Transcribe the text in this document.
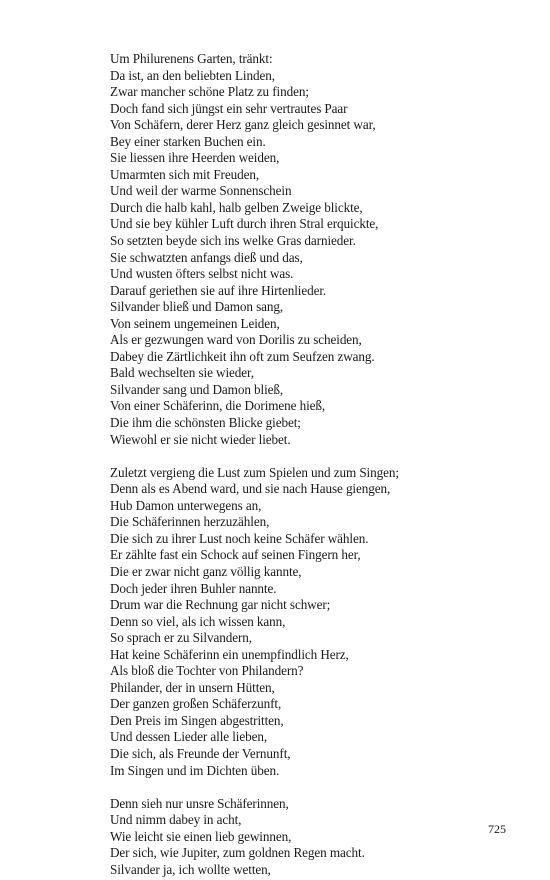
Um Philurenens Garten, tränkt:
Da ist, an den beliebten Linden,
Zwar mancher schöne Platz zu finden;
Doch fand sich jüngst ein sehr vertrautes Paar
Von Schäfern, derer Herz ganz gleich gesinnet war,
Bey einer starken Buchen ein.
Sie liessen ihre Heerden weiden,
Umarmten sich mit Freuden,
Und weil der warme Sonnenschein
Durch die halb kahl, halb gelben Zweige blickte,
Und sie bey kühler Luft durch ihren Stral erquickte,
So setzten beyde sich ins welke Gras darnieder.
Sie schwatzten anfangs dieß und das,
Und wusten öfters selbst nicht was.
Darauf geriethen sie auf ihre Hirtenlieder.
Silvander bließ und Damon sang,
Von seinem ungemeinen Leiden,
Als er gezwungen ward von Dorilis zu scheiden,
Dabey die Zärtlichkeit ihn oft zum Seufzen zwang.
Bald wechselten sie wieder,
Silvander sang und Damon bließ,
Von einer Schäferinn, die Dorimene hieß,
Die ihm die schönsten Blicke giebet;
Wiewohl er sie nicht wieder liebet.
Zuletzt vergieng die Lust zum Spielen und zum Singen;
Denn als es Abend ward, und sie nach Hause giengen,
Hub Damon unterwegens an,
Die Schäferinnen herzuzählen,
Die sich zu ihrer Lust noch keine Schäfer wählen.
Er zählte fast ein Schock auf seinen Fingern her,
Die er zwar nicht ganz völlig kannte,
Doch jeder ihren Buhler nannte.
Drum war die Rechnung gar nicht schwer;
Denn so viel, als ich wissen kann,
So sprach er zu Silvandern,
Hat keine Schäferinn ein unempfindlich Herz,
Als bloß die Tochter von Philandern?
Philander, der in unsern Hütten,
Der ganzen großen Schäferzunft,
Den Preis im Singen abgestritten,
Und dessen Lieder alle lieben,
Die sich, als Freunde der Vernunft,
Im Singen und im Dichten üben.
Denn sieh nur unsre Schäferinnen,
Und nimm dabey in acht,
Wie leicht sie einen lieb gewinnen,
Der sich, wie Jupiter, zum goldnen Regen macht.
Silvander ja, ich wollte wetten,
725
